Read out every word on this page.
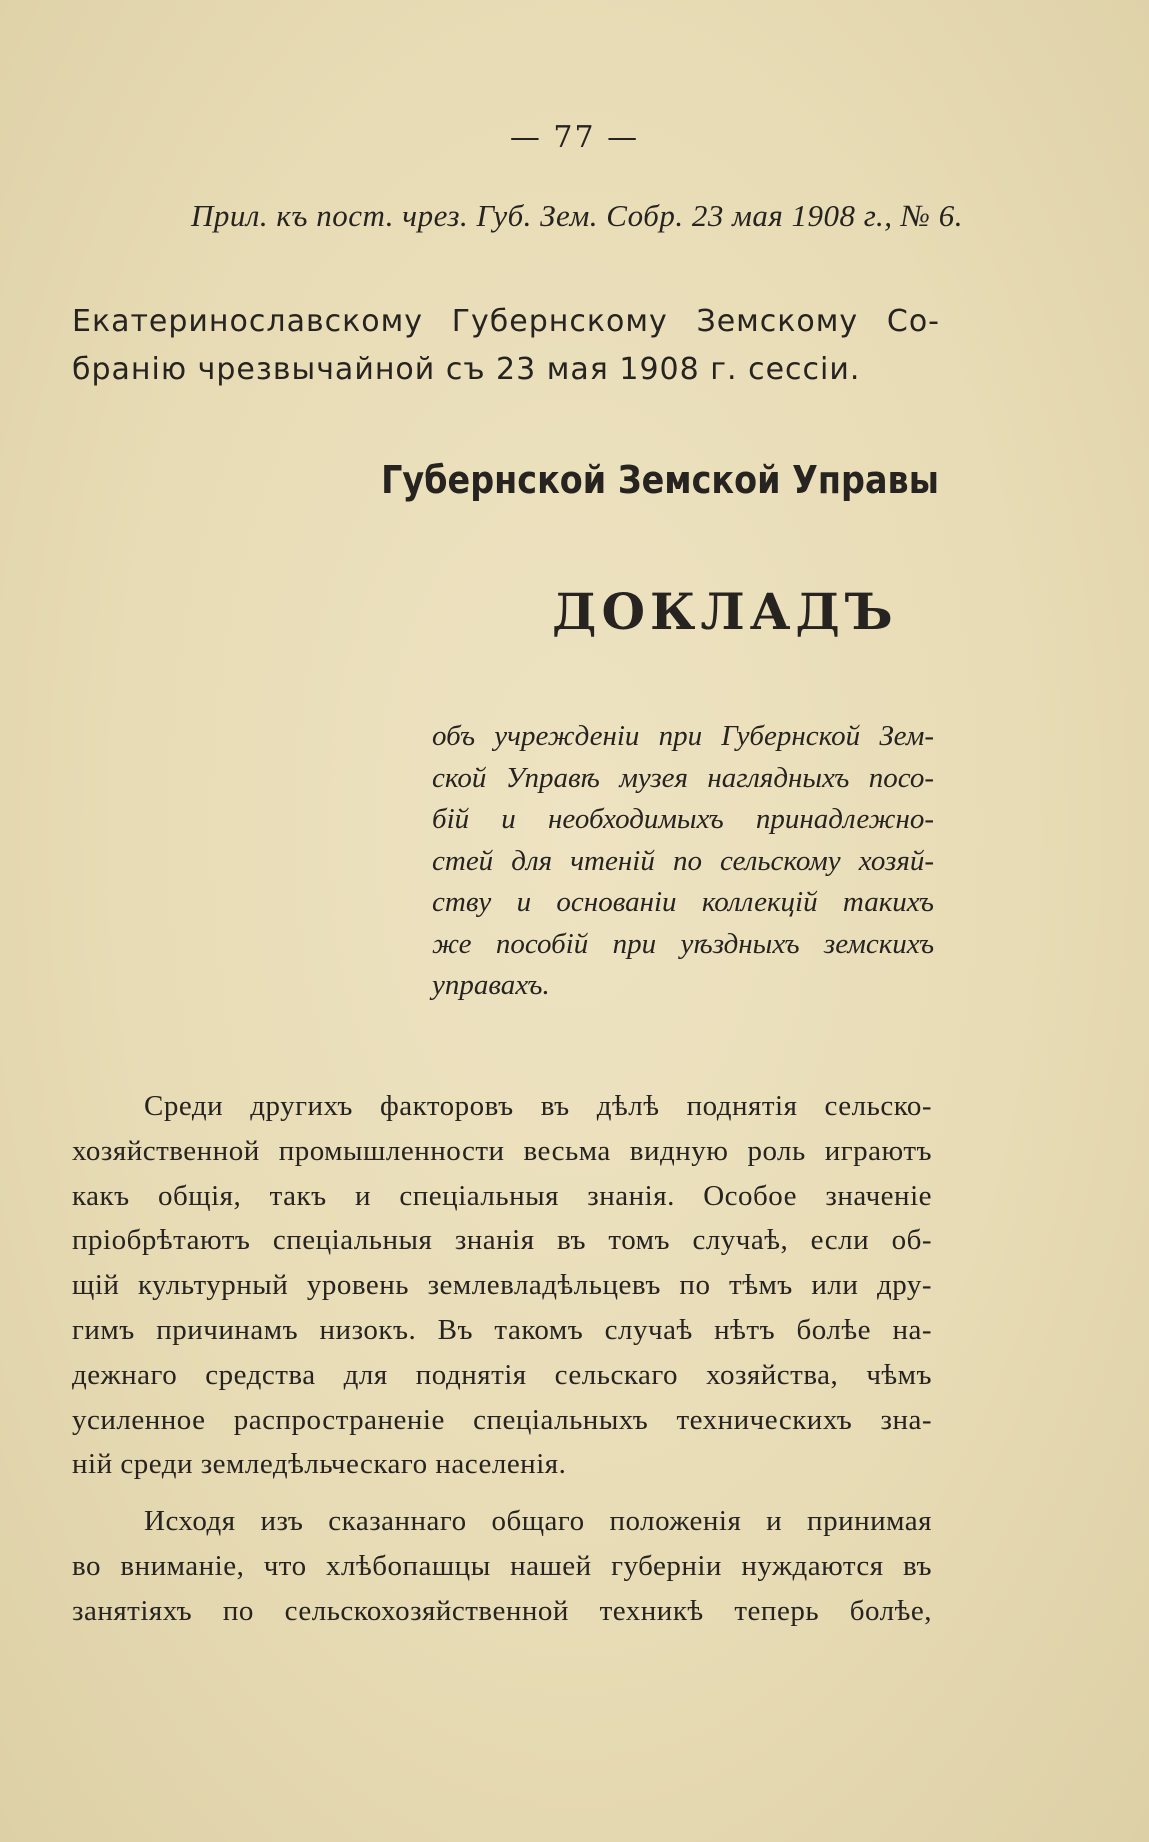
— 77 —
Прил. къ пост. чрез. Губ. Зем. Собр. 23 мая 1908 г., № 6.
Екатеринославскому Губернскому Земскому Со-
бранію чрезвычайной съ 23 мая 1908 г. сессіи.
Губернской Земской Управы
ДОКЛАДЪ
объ учрежденіи при Губернской Зем-
ской Управѣ музея наглядныхъ посо-
бій и необходимыхъ принадлежно-
стей для чтеній по сельскому хозяй-
ству и основаніи коллекцій такихъ
же пособій при уѣздныхъ земскихъ
управахъ.
Среди другихъ факторовъ въ дѣлѣ поднятія сельско-
хозяйственной промышленности весьма видную роль играютъ
какъ общія, такъ и спеціальныя знанія. Особое значеніе
пріобрѣтаютъ спеціальныя знанія въ томъ случаѣ, если об-
щій культурный уровень землевладѣльцевъ по тѣмъ или дру-
гимъ причинамъ низокъ. Въ такомъ случаѣ нѣтъ болѣе на-
дежнаго средства для поднятія сельскаго хозяйства, чѣмъ
усиленное распространеніе спеціальныхъ техническихъ зна-
ній среди земледѣльческаго населенія.
Исходя изъ сказаннаго общаго положенія и принимая
во вниманіе, что хлѣбопашцы нашей губерніи нуждаются въ
занятіяхъ по сельскохозяйственной техникѣ теперь болѣе,
